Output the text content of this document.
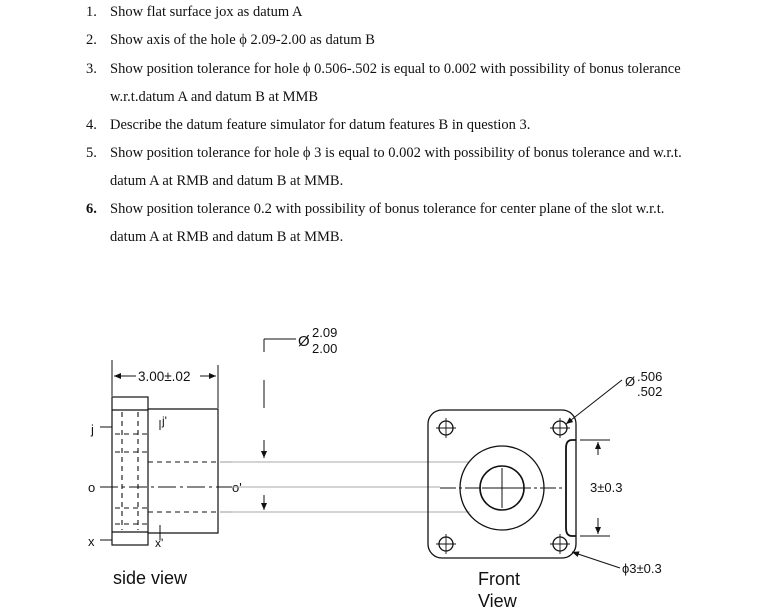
1. Show flat surface jox as datum A
2. Show axis of the hole ϕ 2.09-2.00 as datum B
3. Show position tolerance for hole ϕ 0.506-.502 is equal to 0.002 with possibility of bonus tolerance
w.r.t.datum A and datum B at MMB
4. Describe the datum feature simulator for datum features B in question 3.
5. Show position tolerance for hole ϕ 3 is equal to 0.002 with possibility of bonus tolerance and w.r.t.
datum A at RMB and datum B at MMB.
6. Show position tolerance 0.2 with possibility of bonus tolerance for center plane of the slot w.r.t.
datum A at RMB and datum B at MMB.
3.00±.02
j
o
x
j'
o'
x'
side view
Ø
2.09
2.00
Ø .506
.502
3±0.3
ϕ3±0.3
Front
View
